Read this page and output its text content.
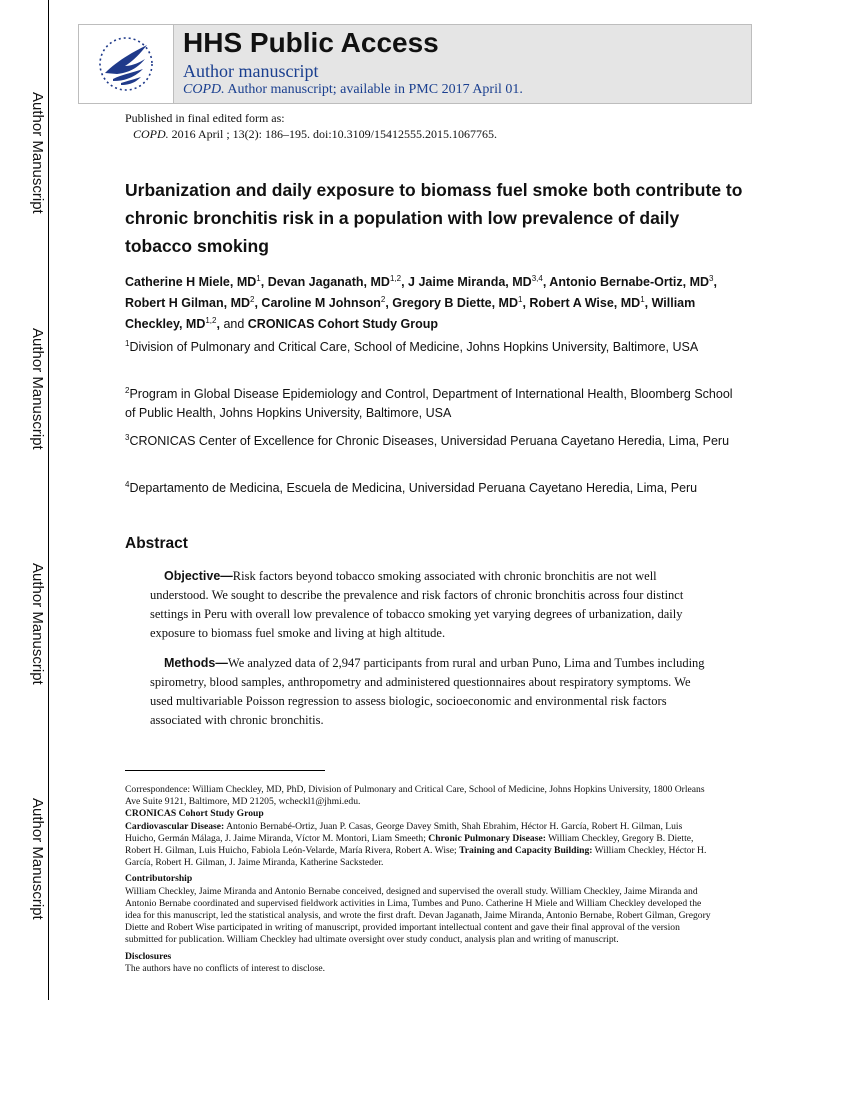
Author Manuscript
Author Manuscript
Author Manuscript
Author Manuscript
HHS Public Access
Author manuscript
COPD. Author manuscript; available in PMC 2017 April 01.
Published in final edited form as:
COPD. 2016 April ; 13(2): 186–195. doi:10.3109/15412555.2015.1067765.
Urbanization and daily exposure to biomass fuel smoke both contribute to chronic bronchitis risk in a population with low prevalence of daily tobacco smoking
Catherine H Miele, $MD^1$, Devan Jaganath, MD$^{1,2}$, J Jaime Miranda, MD$^{3,4}$, Antonio Bernabe-Ortiz, $MD^3$, Robert H Gilman, $MD^2$, Caroline M Johnson$^2$, Gregory B Diette, $MD^1$, Robert A Wise, $MD^1$, William Checkley, MD$^{1,2}$, and CRONICAS Cohort Study Group
$^1$Division of Pulmonary and Critical Care, School of Medicine, Johns Hopkins University, Baltimore, USA
$^2$Program in Global Disease Epidemiology and Control, Department of International Health, Bloomberg School of Public Health, Johns Hopkins University, Baltimore, USA
$^3$CRONICAS Center of Excellence for Chronic Diseases, Universidad Peruana Cayetano Heredia, Lima, Peru
$^4$Departamento de Medicina, Escuela de Medicina, Universidad Peruana Cayetano Heredia, Lima, Peru
Abstract
Objective—Risk factors beyond tobacco smoking associated with chronic bronchitis are not well understood. We sought to describe the prevalence and risk factors of chronic bronchitis across four distinct settings in Peru with overall low prevalence of tobacco smoking yet varying degrees of urbanization, daily exposure to biomass fuel smoke and living at high altitude.
Methods—We analyzed data of 2,947 participants from rural and urban Puno, Lima and Tumbes including spirometry, blood samples, anthropometry and administered questionnaires about respiratory symptoms. We used multivariable Poisson regression to assess biologic, socioeconomic and environmental risk factors associated with chronic bronchitis.

Correspondence: William Checkley, MD, PhD, Division of Pulmonary and Critical Care, School of Medicine, Johns Hopkins University, 1800 Orleans Ave Suite 9121, Baltimore, MD 21205, wcheckl1@jhmi.edu.

CRONICAS Cohort Study Group

Cardiovascular Disease: Antonio Bernabé-Ortiz, Juan P. Casas, George Davey Smith, Shah Ebrahim, Héctor H. García, Robert H. Gilman, Luis Huicho, Germán Málaga, J. Jaime Miranda, Víctor M. Montori, Liam Smeeth; Chronic Pulmonary Disease: William Checkley, Gregory B. Diette, Robert H. Gilman, Luis Huicho, Fabiola León-Velarde, María Rivera, Robert A. Wise; Training and Capacity Building: William Checkley, Héctor H. García, Robert H. Gilman, J. Jaime Miranda, Katherine Sacksteder.

Contributorship

William Checkley, Jaime Miranda and Antonio Bernabe conceived, designed and supervised the overall study. William Checkley, Jaime Miranda and Antonio Bernabe coordinated and supervised fieldwork activities in Lima, Tumbes and Puno. Catherine H Miele and William Checkley developed the idea for this manuscript, led the statistical analysis, and wrote the first draft. Devan Jaganath, Jaime Miranda, Antonio Bernabe, Robert Gilman, Gregory Diette and Robert Wise participated in writing of manuscript, provided important intellectual content and gave their final approval of the version submitted for publication. William Checkley had ultimate oversight over study conduct, analysis plan and writing of manuscript.

Disclosures

The authors have no conflicts of interest to disclose.
